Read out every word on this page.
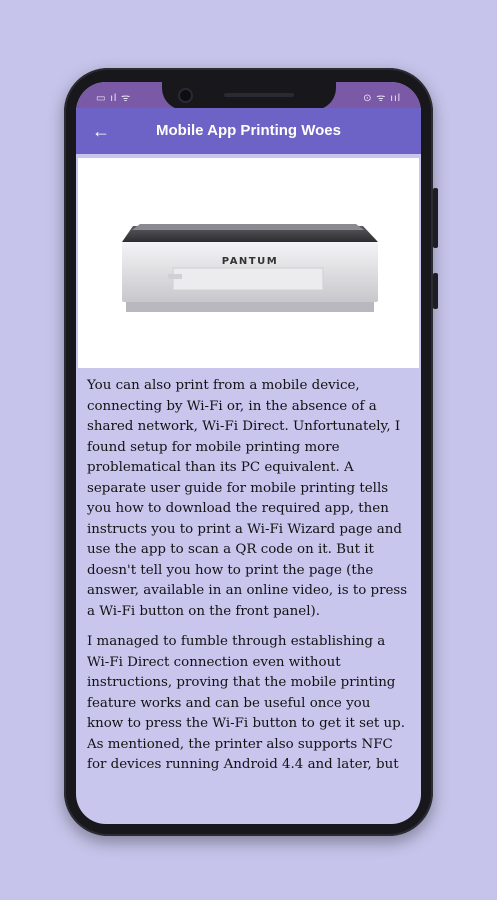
▭ ıl ᯤ	⊙ ᯤ ııl
←	Mobile App Printing Woes
PANTUM

You can also print from a mobile device, connecting by Wi-Fi or, in the absence of a shared network, Wi-Fi Direct. Unfortunately, I found setup for mobile printing more problematical than its PC equivalent. A separate user guide for mobile printing tells you how to download the required app, then instructs you to print a Wi-Fi Wizard page and use the app to scan a QR code on it. But it doesn't tell you how to print the page (the answer, available in an online video, is to press a Wi-Fi button on the front panel).

I managed to fumble through establishing a Wi-Fi Direct connection even without instructions, proving that the mobile printing feature works and can be useful once you know to press the Wi-Fi button to get it set up. As mentioned, the printer also supports NFC for devices running Android 4.4 and later, but
